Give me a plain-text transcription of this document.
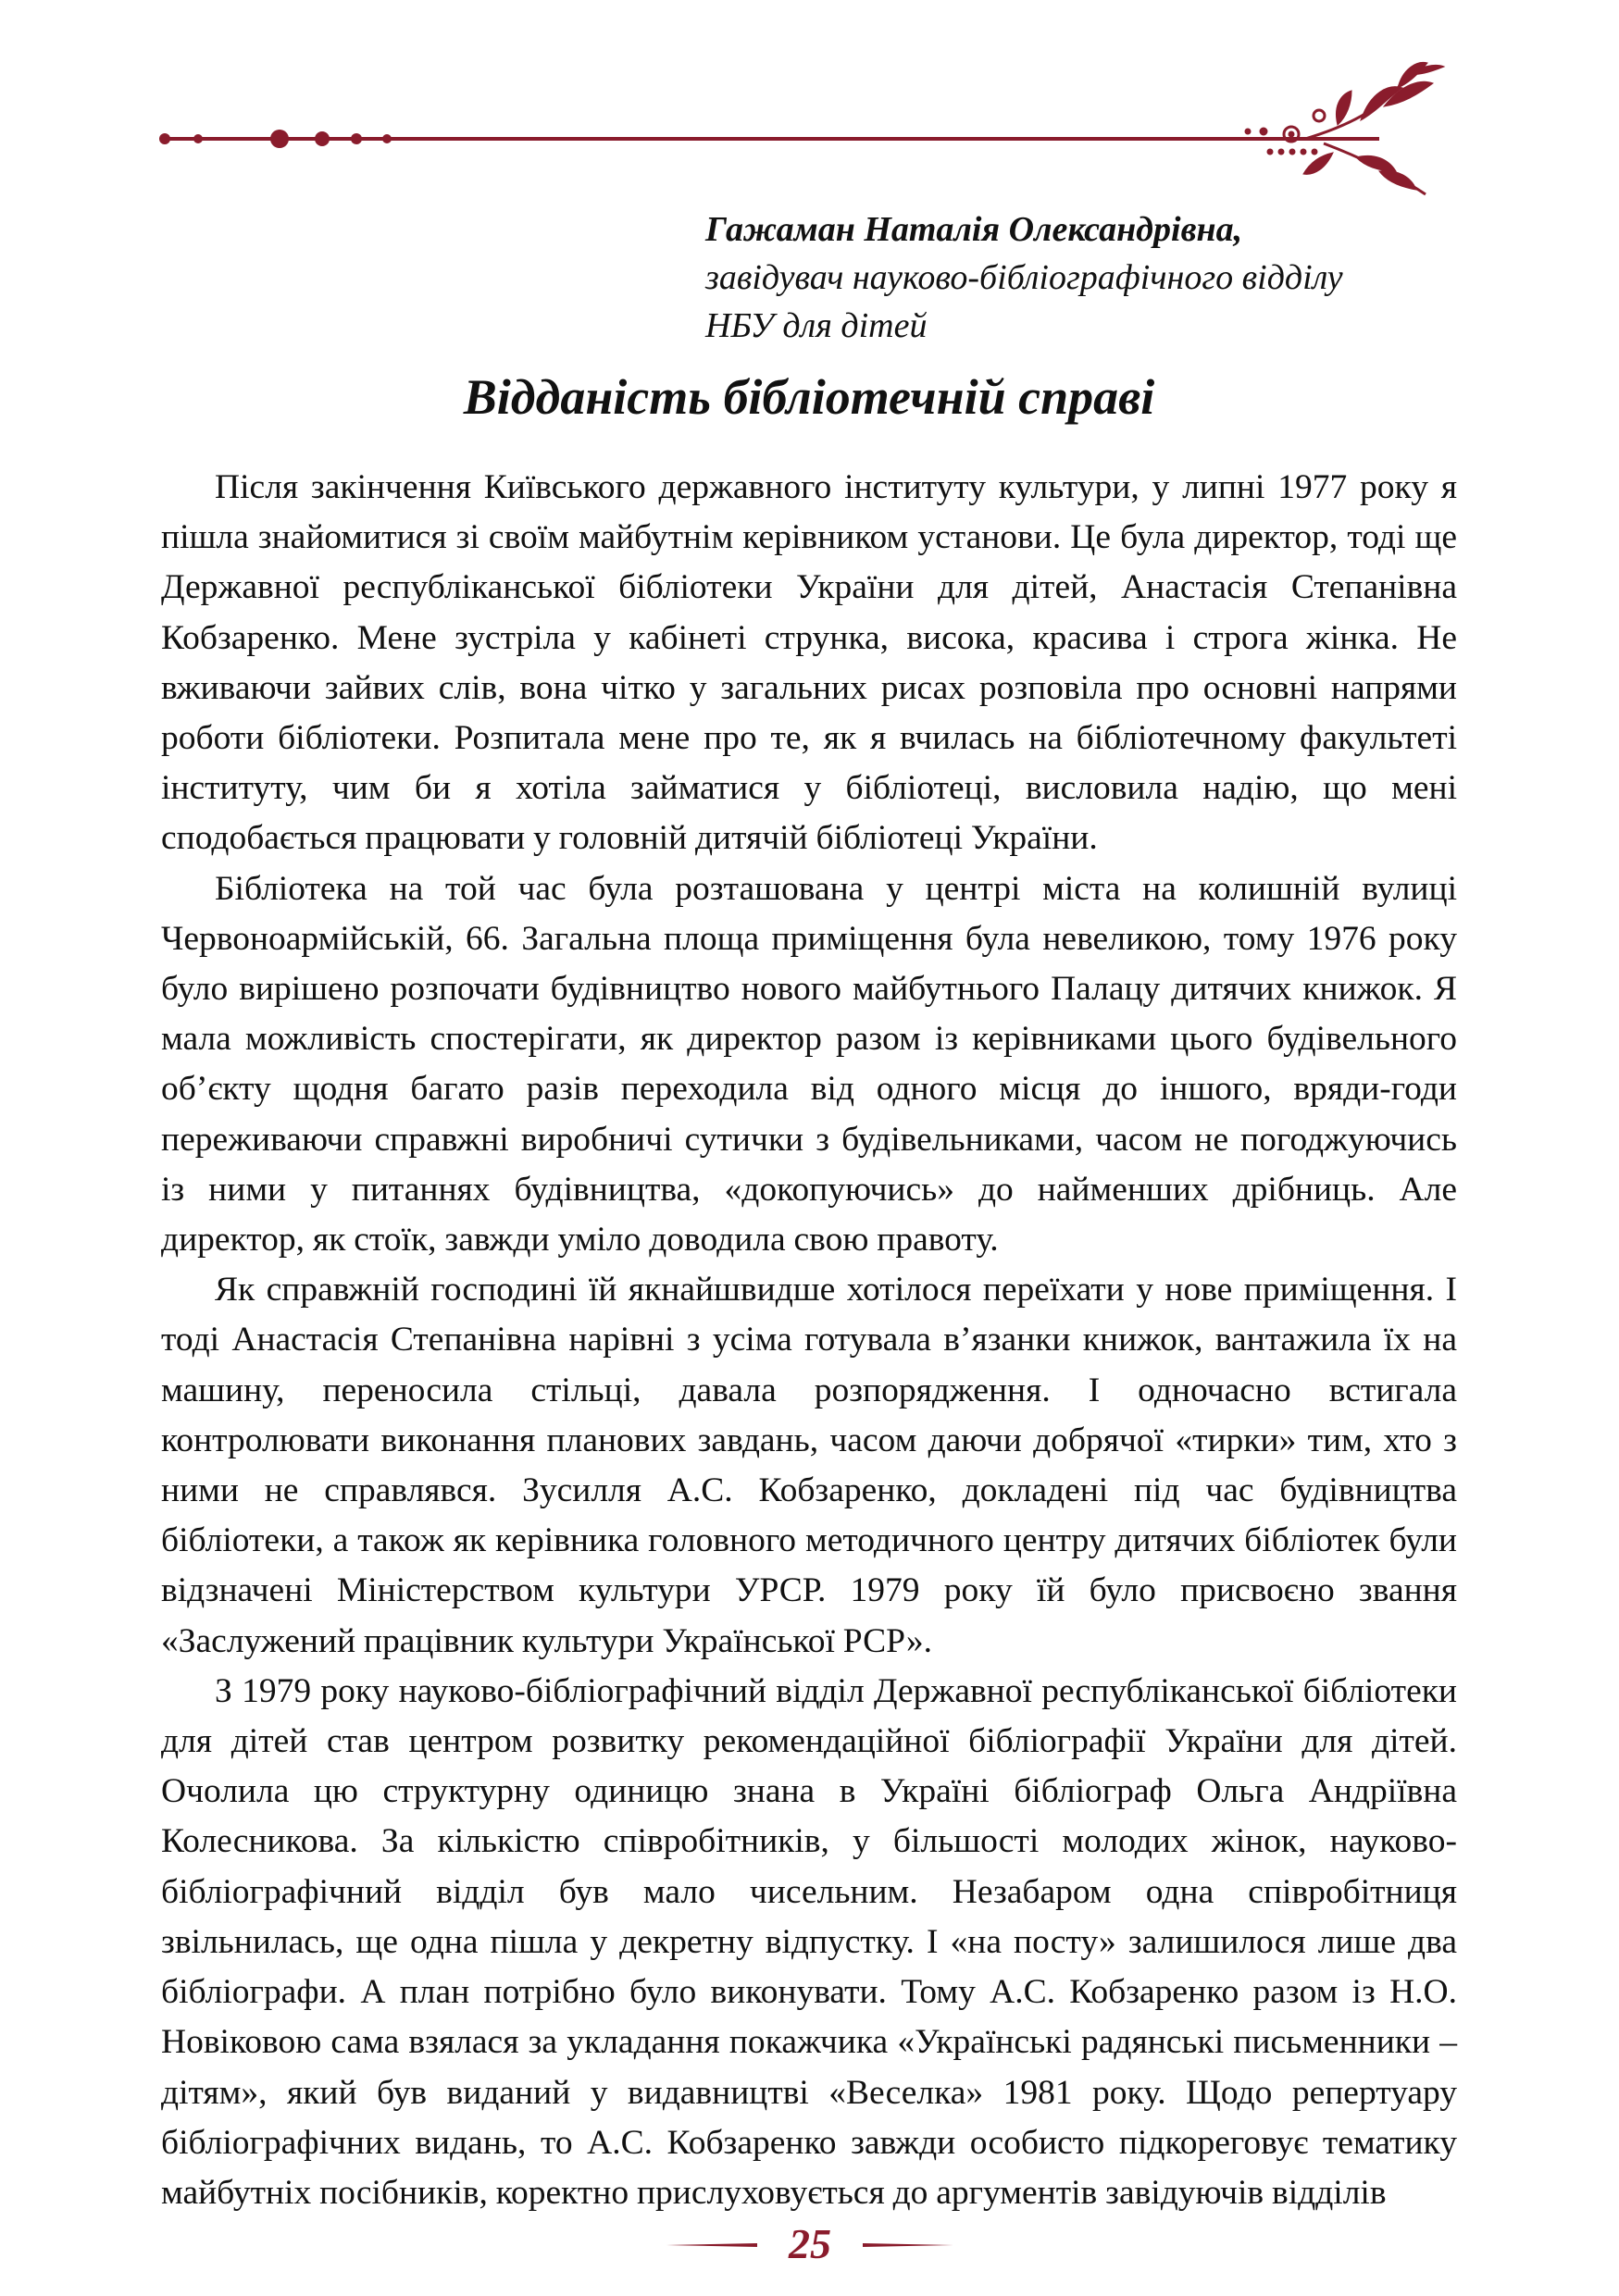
Гажаман Наталія Олександрівна,
завідувач науково-бібліографічного відділу
НБУ для дітей
Відданість бібліотечній справі

Після закінчення Київського державного інституту культури, у липні 1977 року я пішла знайомитися зі своїм майбутнім керівником установи. Це була директор, тоді ще Державної республіканської бібліотеки України для дітей, Анастасія Степанівна Кобзаренко. Мене зустріла у кабінеті струнка, висока, красива і строга жінка. Не вживаючи зайвих слів, вона чітко у загальних рисах розповіла про основні напрями роботи бібліотеки. Розпитала мене про те, як я вчилась на бібліотечному факультеті інституту, чим би я хотіла займатися у бібліотеці, висловила надію, що мені сподобається працювати у головній дитячій бібліотеці України.

Бібліотека на той час була розташована у центрі міста на колишній вулиці Червоноармійській, 66. Загальна площа приміщення була невеликою, тому 1976 року було вирішено розпочати будівництво нового майбутнього Палацу дитячих книжок. Я мала можливість спостерігати, як директор разом із керівниками цього будівельного об’єкту щодня багато разів переходила від одного місця до іншого, вряди-годи переживаючи справжні виробничі сутички з будівельниками, часом не погоджуючись із ними у питаннях будівництва, «докопуючись» до найменших дрібниць. Але директор, як стоїк, завжди уміло доводила свою правоту.

Як справжній господині їй якнайшвидше хотілося переїхати у нове приміщення. І тоді Анастасія Степанівна нарівні з усіма готувала в’язанки книжок, вантажила їх на машину, переносила стільці, давала розпорядження. І одночасно встигала контролювати виконання планових завдань, часом даючи добрячої «тирки» тим, хто з ними не справлявся. Зусилля А.С. Кобзаренко, докладені під час будівництва бібліотеки, а також як керівника головного методичного центру дитячих бібліотек були відзначені Міністерством культури УРСР. 1979 року їй було присвоєно звання «Заслужений працівник культури Української РСР».

З 1979 року науково-бібліографічний відділ Державної республіканської бібліотеки для дітей став центром розвитку рекомендаційної бібліографії України для дітей. Очолила цю структурну одиницю знана в Україні бібліограф Ольга Андріївна Колесникова. За кількістю співробітників, у більшості молодих жінок, науково-бібліографічний відділ був мало чисельним. Незабаром одна співробітниця звільнилась, ще одна пішла у декретну відпустку. І «на посту» залишилося лише два бібліографи. А план потрібно було виконувати. Тому А.С. Кобзаренко разом із Н.О. Новіковою сама взялася за укладання покажчика «Українські радянські письменники – дітям», який був виданий у видавництві «Веселка» 1981 року. Щодо репертуару бібліографічних видань, то А.С. Кобзаренко завжди особисто підкореговує тематику майбутніх посібників, коректно прислуховується до аргументів завідуючів відділів

25
